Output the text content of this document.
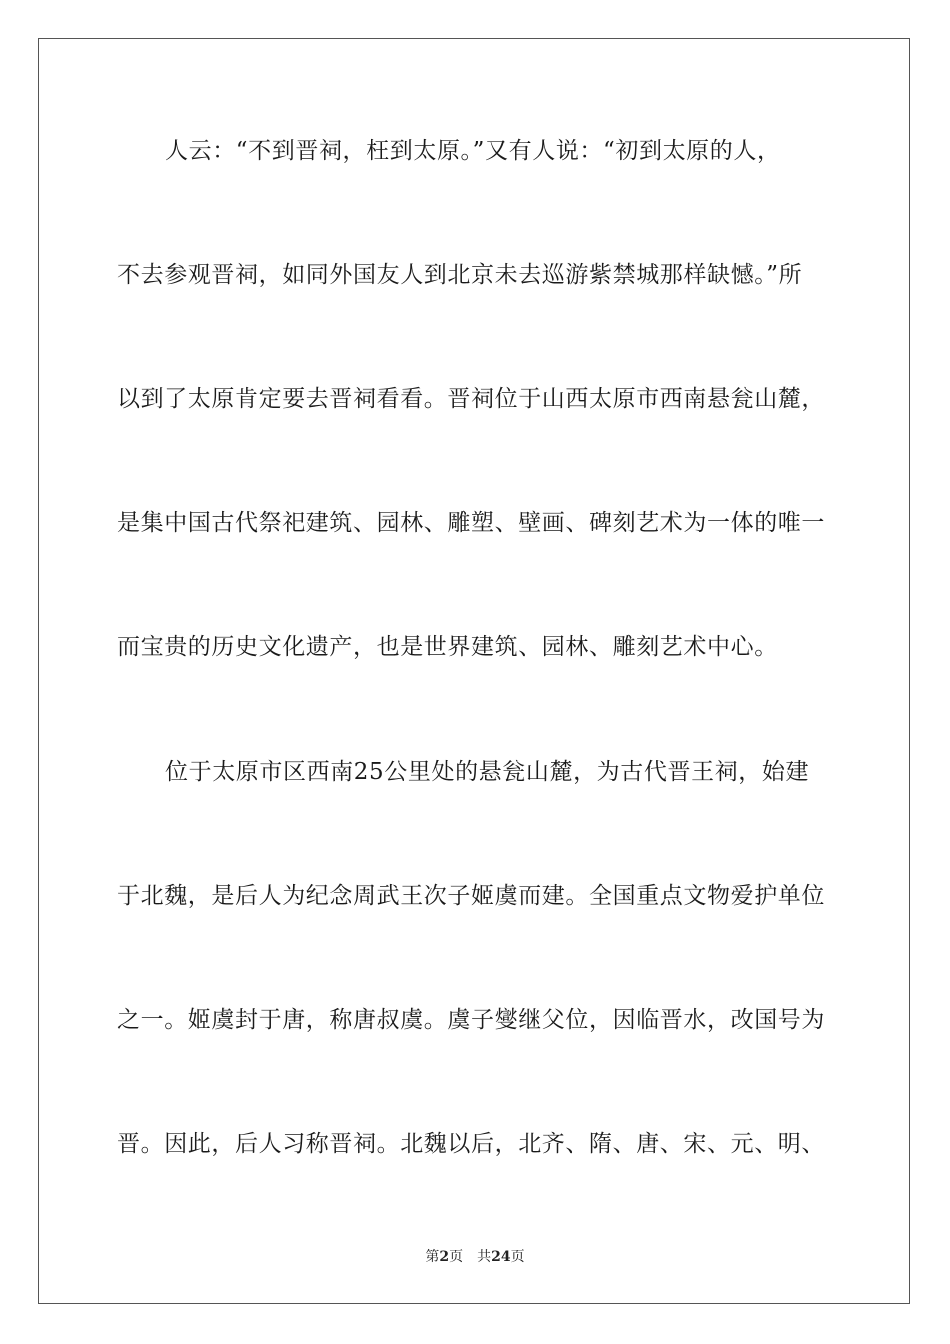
人云：“不到晋祠，枉到太原。”又有人说：“初到太原的人，
不去参观晋祠，如同外国友人到北京未去巡游紫禁城那样缺憾。”所
以到了太原肯定要去晋祠看看。晋祠位于山西太原市西南悬瓮山麓，
是集中国古代祭祀建筑、园林、雕塑、壁画、碑刻艺术为一体的唯一
而宝贵的历史文化遗产，也是世界建筑、园林、雕刻艺术中心。
位于太原市区西南25公里处的悬瓮山麓，为古代晋王祠，始建
于北魏，是后人为纪念周武王次子姬虞而建。全国重点文物爱护单位
之一。姬虞封于唐，称唐叔虞。虞子燮继父位，因临晋水，改国号为
晋。因此，后人习称晋祠。北魏以后，北齐、隋、唐、宋、元、明、
第2页 共24页
